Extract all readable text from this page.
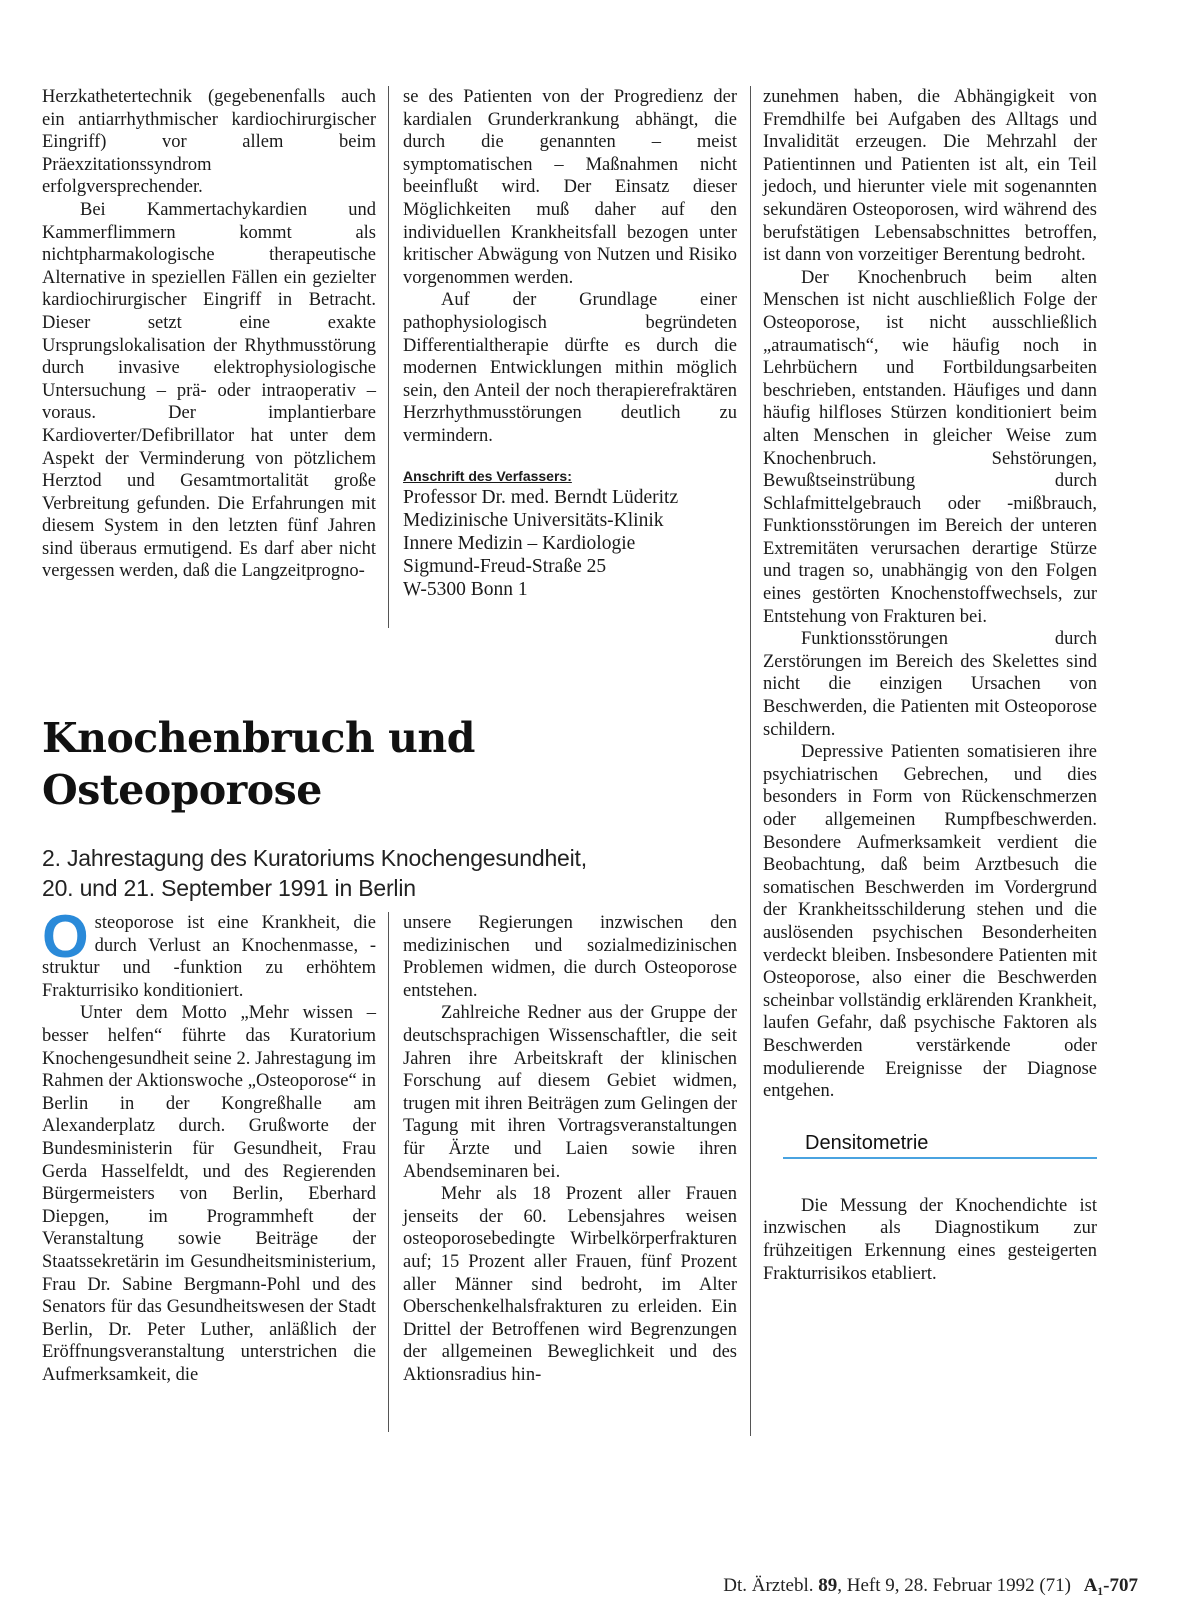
Herzkathetertechnik (gegebenenfalls auch ein antiarrhythmischer kardiochirurgischer Eingriff) vor allem beim Präexzitationssyndrom erfolgversprechender.

Bei Kammertachykardien und Kammerflimmern kommt als nichtpharmakologische therapeutische Alternative in speziellen Fällen ein gezielter kardiochirurgischer Eingriff in Betracht. Dieser setzt eine exakte Ursprungslokalisation der Rhythmusstörung durch invasive elektrophysiologische Untersuchung – prä- oder intraoperativ – voraus. Der implantierbare Kardioverter/Defibrillator hat unter dem Aspekt der Verminderung von pötzlichem Herztod und Gesamtmortalität große Verbreitung gefunden. Die Erfahrungen mit diesem System in den letzten fünf Jahren sind überaus ermutigend. Es darf aber nicht vergessen werden, daß die Langzeitprogno-

se des Patienten von der Progredienz der kardialen Grunderkrankung abhängt, die durch die genannten – meist symptomatischen – Maßnahmen nicht beeinflußt wird. Der Einsatz dieser Möglichkeiten muß daher auf den individuellen Krankheitsfall bezogen unter kritischer Abwägung von Nutzen und Risiko vorgenommen werden.

Auf der Grundlage einer pathophysiologisch begründeten Differentialtherapie dürfte es durch die modernen Entwicklungen mithin möglich sein, den Anteil der noch therapierefraktären Herzrhythmusstörungen deutlich zu vermindern.

Anschrift des Verfassers:

Professor Dr. med. Berndt Lüderitz

Medizinische Universitäts-Klinik

Innere Medizin – Kardiologie

Sigmund-Freud-Straße 25

W-5300 Bonn 1

Knochenbruch und
Osteoporose
2. Jahrestagung des Kuratoriums Knochengesundheit,
20. und 21. September 1991 in Berlin

Osteoporose ist eine Krankheit, die durch Verlust an Knochenmasse, -struktur und -funktion zu erhöhtem Frakturrisiko konditioniert.

Unter dem Motto „Mehr wissen – besser helfen“ führte das Kuratorium Knochengesundheit seine 2. Jahrestagung im Rahmen der Aktionswoche „Osteoporose“ in Berlin in der Kongreßhalle am Alexanderplatz durch. Grußworte der Bundesministerin für Gesundheit, Frau Gerda Hasselfeldt, und des Regierenden Bürgermeisters von Berlin, Eberhard Diepgen, im Programmheft der Veranstaltung sowie Beiträge der Staatssekretärin im Gesundheitsministerium, Frau Dr. Sabine Bergmann-Pohl und des Senators für das Gesundheitswesen der Stadt Berlin, Dr. Peter Luther, anläßlich der Eröffnungsveranstaltung unterstrichen die Aufmerksamkeit, die

unsere Regierungen inzwischen den medizinischen und sozialmedizinischen Problemen widmen, die durch Osteoporose entstehen.

Zahlreiche Redner aus der Gruppe der deutschsprachigen Wissenschaftler, die seit Jahren ihre Arbeitskraft der klinischen Forschung auf diesem Gebiet widmen, trugen mit ihren Beiträgen zum Gelingen der Tagung mit ihren Vortragsveranstaltungen für Ärzte und Laien sowie ihren Abendseminaren bei.

Mehr als 18 Prozent aller Frauen jenseits der 60. Lebensjahres weisen osteoporosebedingte Wirbelkörperfrakturen auf; 15 Prozent aller Frauen, fünf Prozent aller Männer sind bedroht, im Alter Oberschenkelhalsfrakturen zu erleiden. Ein Drittel der Betroffenen wird Begrenzungen der allgemeinen Beweglichkeit und des Aktionsradius hin-

zunehmen haben, die Abhängigkeit von Fremdhilfe bei Aufgaben des Alltags und Invalidität erzeugen. Die Mehrzahl der Patientinnen und Patienten ist alt, ein Teil jedoch, und hierunter viele mit sogenannten sekundären Osteoporosen, wird während des berufstätigen Lebensabschnittes betroffen, ist dann von vorzeitiger Berentung bedroht.

Der Knochenbruch beim alten Menschen ist nicht auschließlich Folge der Osteoporose, ist nicht ausschließlich „atraumatisch“, wie häufig noch in Lehrbüchern und Fortbildungsarbeiten beschrieben, entstanden. Häufiges und dann häufig hilfloses Stürzen konditioniert beim alten Menschen in gleicher Weise zum Knochenbruch. Sehstörungen, Bewußtseinstrübung durch Schlafmittelgebrauch oder -mißbrauch, Funktionsstörungen im Bereich der unteren Extremitäten verursachen derartige Stürze und tragen so, unabhängig von den Folgen eines gestörten Knochenstoffwechsels, zur Entstehung von Frakturen bei.

Funktionsstörungen durch Zerstörungen im Bereich des Skelettes sind nicht die einzigen Ursachen von Beschwerden, die Patienten mit Osteoporose schildern.

Depressive Patienten somatisieren ihre psychiatrischen Gebrechen, und dies besonders in Form von Rückenschmerzen oder allgemeinen Rumpfbeschwerden. Besondere Aufmerksamkeit verdient die Beobachtung, daß beim Arztbesuch die somatischen Beschwerden im Vordergrund der Krankheitsschilderung stehen und die auslösenden psychischen Besonderheiten verdeckt bleiben. Insbesondere Patienten mit Osteoporose, also einer die Beschwerden scheinbar vollständig erklärenden Krankheit, laufen Gefahr, daß psychische Faktoren als Beschwerden verstärkende oder modulierende Ereignisse der Diagnose entgehen.

Densitometrie

Die Messung der Knochendichte ist inzwischen als Diagnostikum zur frühzeitigen Erkennung eines gesteigerten Frakturrisikos etabliert.

Dt. Ärztebl. 89, Heft 9, 28. Februar 1992 (71) A₁-707
